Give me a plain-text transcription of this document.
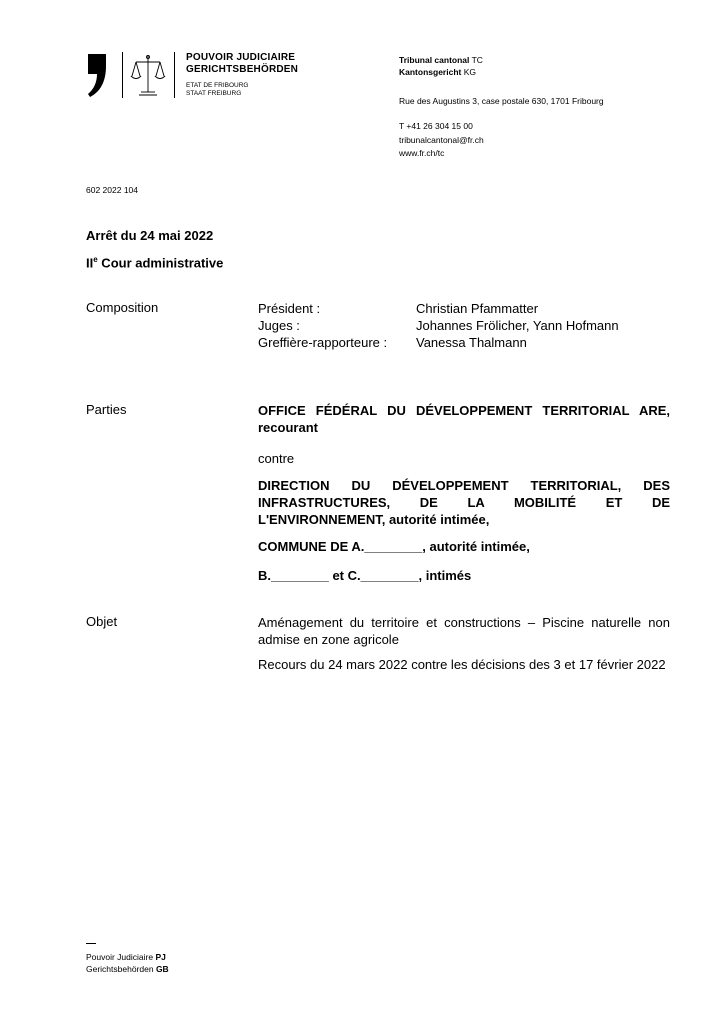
POUVOIR JUDICIAIRE
GERICHTSBEHÖRDEN
ETAT DE FRIBOURG
STAAT FREIBURG
Tribunal cantonal TC
Kantonsgericht KG
Rue des Augustins 3, case postale 630, 1701 Fribourg
T +41 26 304 15 00
tribunalcantonal@fr.ch
www.fr.ch/tc
602 2022 104
Arrêt du 24 mai 2022
IIe Cour administrative
Composition	Président :	Christian Pfammatter
Juges :	Johannes Frölicher, Yann Hofmann
Greffière-rapporteure : Vanessa Thalmann
Parties	OFFICE FÉDÉRAL DU DÉVELOPPEMENT TERRITORIAL ARE,
recourant
contre
DIRECTION DU DÉVELOPPEMENT TERRITORIAL, DES
INFRASTRUCTURES, DE LA MOBILITÉ ET DE
L'ENVIRONNEMENT, autorité intimée,
COMMUNE DE A.________, autorité intimée,
B.________ et C.________, intimés
Objet	Aménagement du territoire et constructions – Piscine naturelle non
admise en zone agricole
Recours du 24 mars 2022 contre les décisions des 3 et 17 février 2022
Pouvoir Judiciaire PJ
Gerichtsbehörden GB
